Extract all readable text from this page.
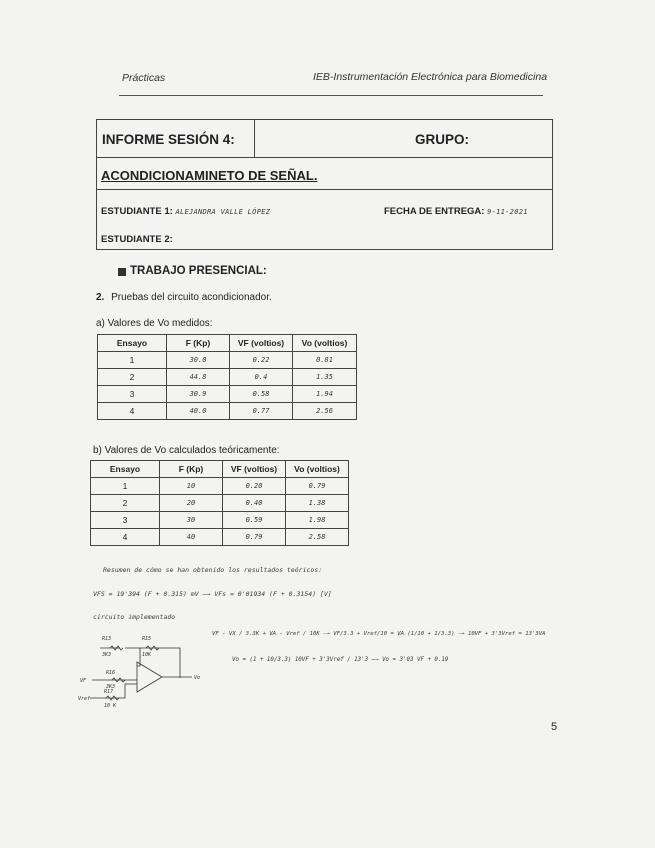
Prácticas	IEB-Instrumentación Electrónica para Biomedicina
INFORME SESIÓN 4:	GRUPO:
ACONDICIONAMINETO DE SEÑAL.
ESTUDIANTE 1: ALEJANDRA VALLE LÓPEZ	FECHA DE ENTREGA: 9-11-2021
ESTUDIANTE 2:
TRABAJO PRESENCIAL:
2. Pruebas del circuito acondicionador.
a) Valores de Vo medidos:
Ensayo	F (Kp)	VF (voltios)	Vo (voltios)
1	30.0	0.22	0.81
2	44.8	0.4	1.35
3	30.9	0.58	1.94
4	40.0	0.77	2.56
b) Valores de Vo calculados teóricamente:
Ensayo	F (Kp)	VF (voltios)	Vo (voltios)
1	10	0.20	0.79
2	20	0.40	1.38
3	30	0.59	1.98
4	40	0.79	2.58
Resumen de cómo se han obtenido los resultados teóricos:
VFS = 19'394 (F + 0.315) mV —→ VFs = 0'01934 (F + 0.3154) [V]
circuito implementado
VF - VX / 3.3K + VA - Vref / 10K —→ VF/3.3 + Vref/10 = VA (1/10 + 1/3.3) —→ 10VF + 3'3Vref = 13'3VA
Vo = (1 + 10/3.3) 10VF + 3'3Vref / 13'3 —→ Vo = 3'03 VF + 0.19
R13
3K3
R15
10K
R16
3K3
R17
10 K
VF
Vref
Vo
5
